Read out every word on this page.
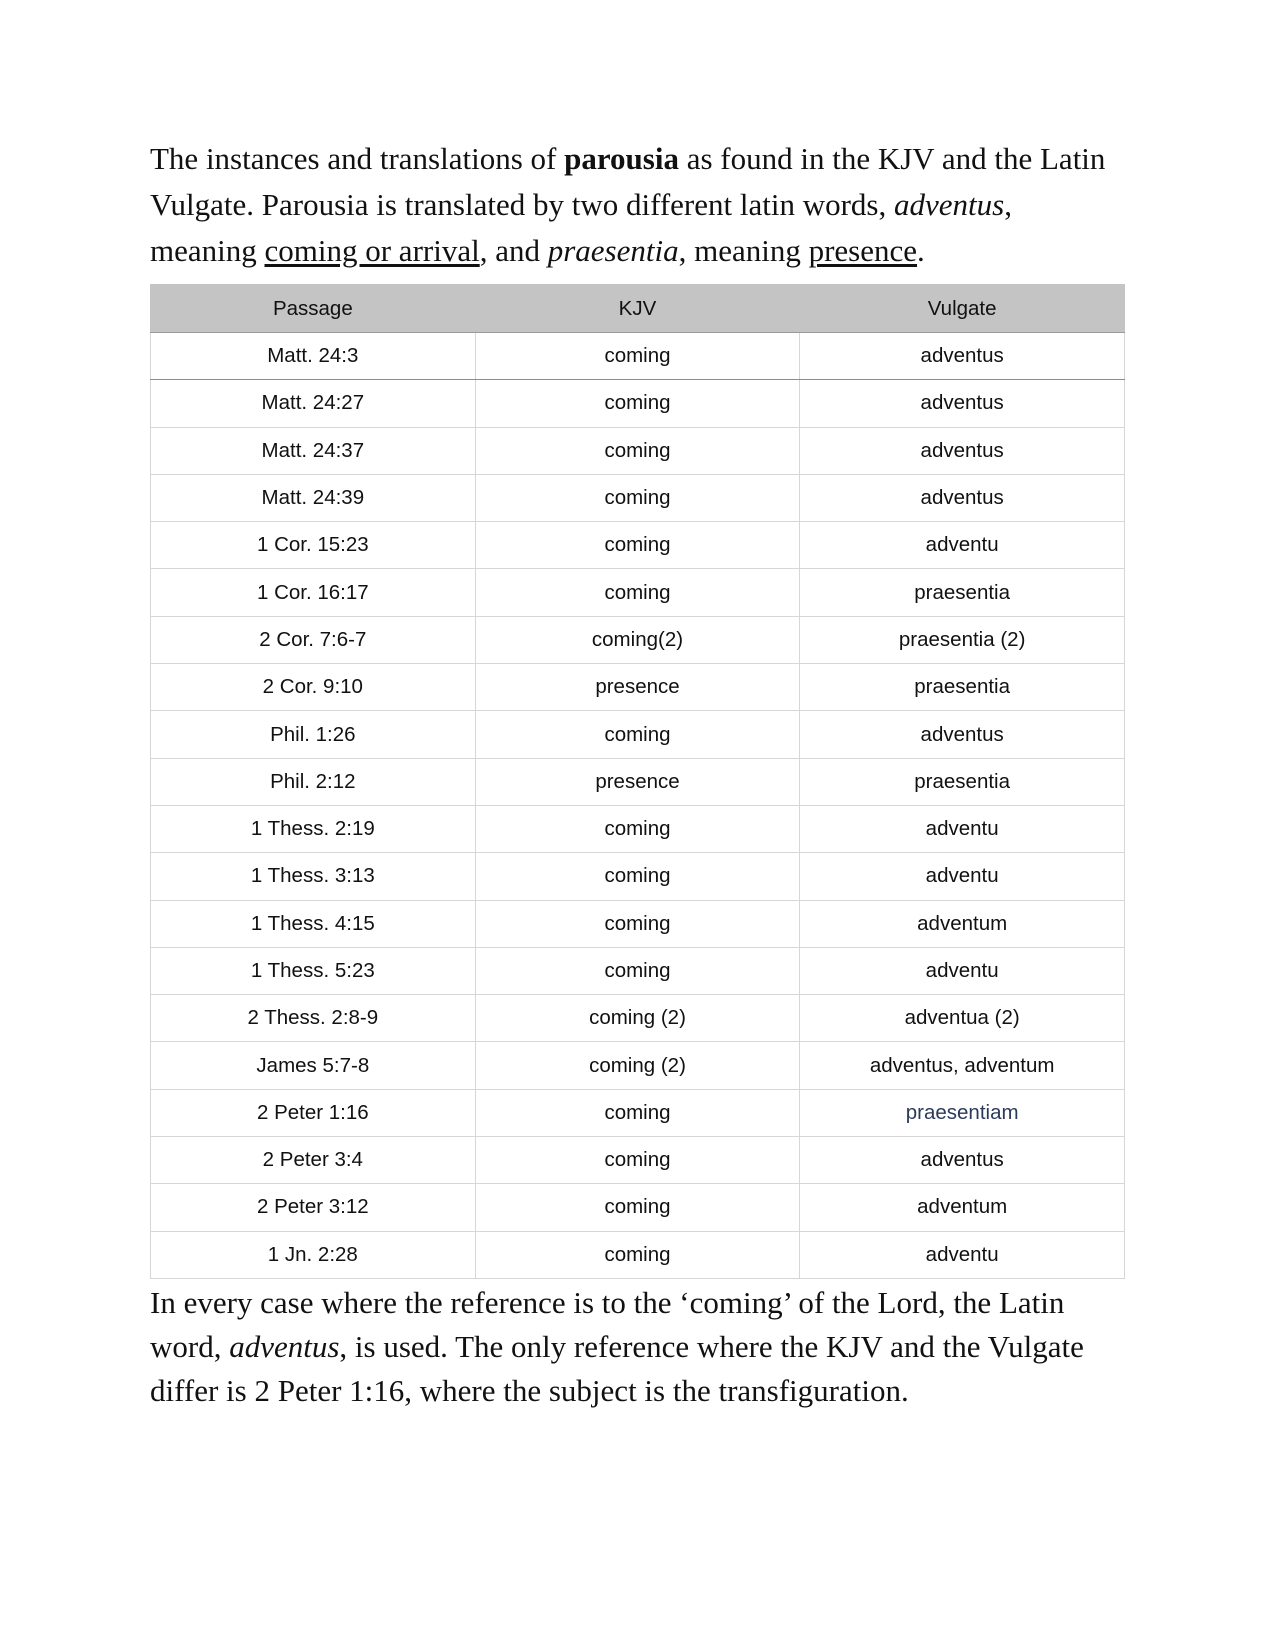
The instances and translations of parousia as found in the KJV and the Latin Vulgate. Parousia is translated by two different latin words, adventus, meaning coming or arrival, and praesentia, meaning presence.

Passage	KJV	Vulgate
Matt. 24:3	coming	adventus
Matt. 24:27	coming	adventus
Matt. 24:37	coming	adventus
Matt. 24:39	coming	adventus
1 Cor. 15:23	coming	adventu
1 Cor. 16:17	coming	praesentia
2 Cor. 7:6-7	coming(2)	praesentia (2)
2 Cor. 9:10	presence	praesentia
Phil. 1:26	coming	adventus
Phil. 2:12	presence	praesentia
1 Thess. 2:19	coming	adventu
1 Thess. 3:13	coming	adventu
1 Thess. 4:15	coming	adventum
1 Thess. 5:23	coming	adventu
2 Thess. 2:8-9	coming (2)	adventua (2)
James 5:7-8	coming (2)	adventus, adventum
2 Peter 1:16	coming	praesentiam
2 Peter 3:4	coming	adventus
2 Peter 3:12	coming	adventum
1 Jn. 2:28	coming	adventu

In every case where the reference is to the ‘coming’ of the Lord, the Latin word, adventus, is used. The only reference where the KJV and the Vulgate differ is 2 Peter 1:16, where the subject is the transfiguration.
